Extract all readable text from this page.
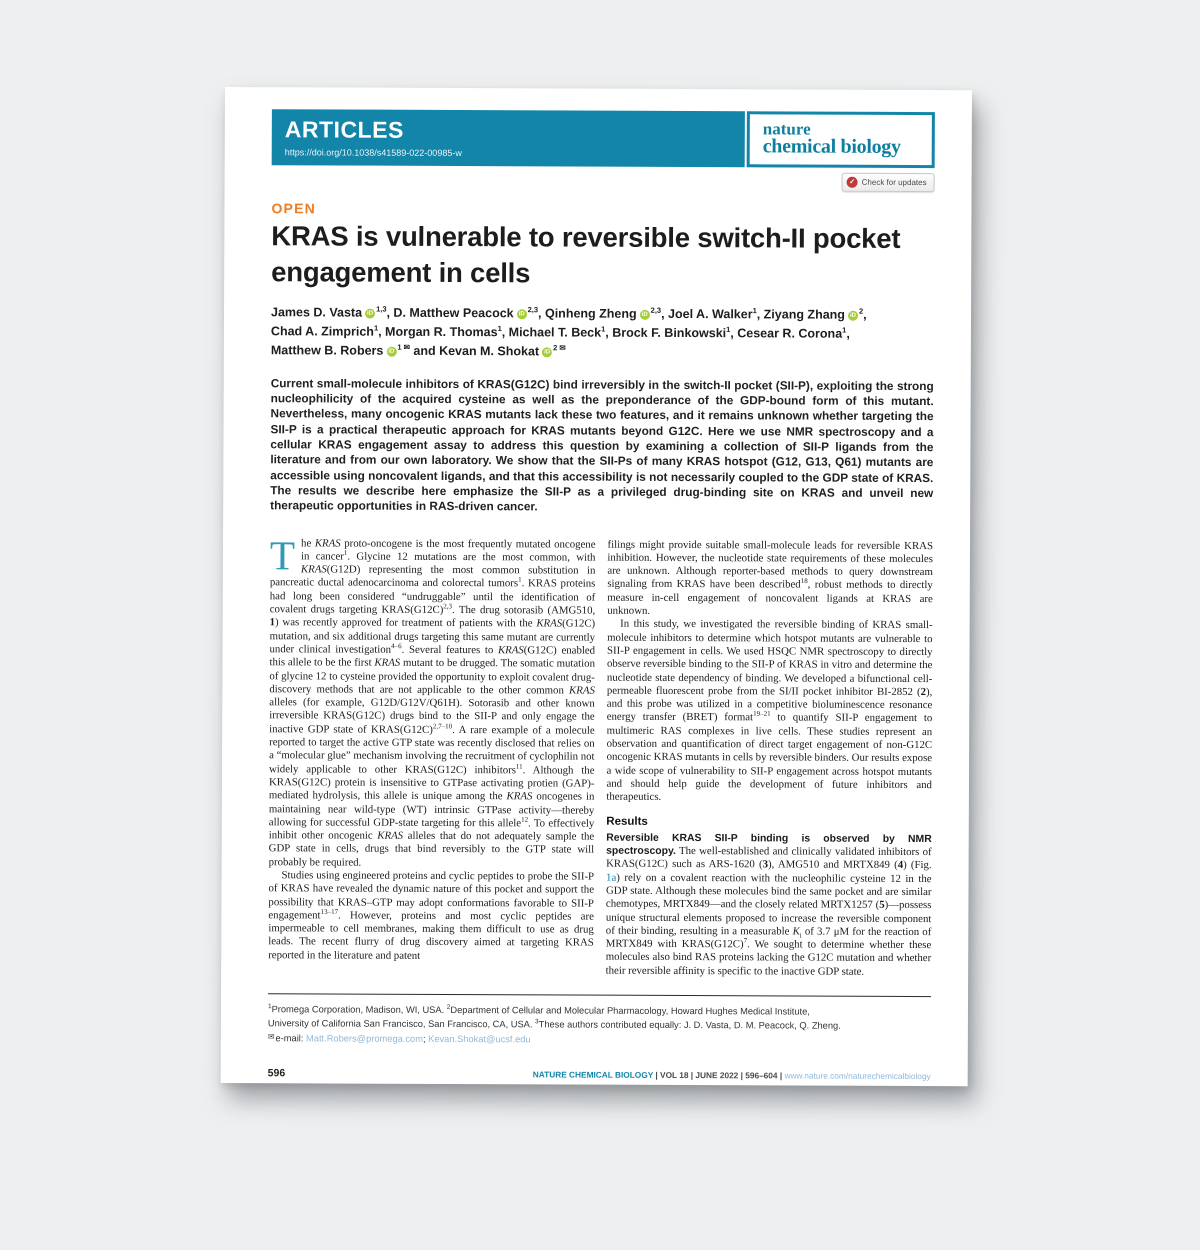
ARTICLES
https://doi.org/10.1038/s41589-022-00985-w
nature
chemical biology
✓ Check for updates
OPEN
KRAS is vulnerable to reversible switch-II pocket engagement in cells
James D. Vasta iD$^{1,3}$, D. Matthew Peacock iD$^{2,3}$, Qinheng Zheng iD$^{2,3}$, Joel A. Walker$^1$, Ziyang Zhang $iD^2$,
Chad A. Zimprich$^1$, Morgan R. Thomas$^1$, Michael T. Beck$^1$, Brock F. Binkowski$^1$, Cesear R. Corona$^1$,
Matthew B. Robers $iD^{1 ✉}$ and Kevan M. Shokat $iD^{2 ✉}$

Current small-molecule inhibitors of KRAS(G12C) bind irreversibly in the switch-II pocket (SII-P), exploiting the strong nucleophilicity of the acquired cysteine as well as the preponderance of the GDP-bound form of this mutant. Nevertheless, many oncogenic KRAS mutants lack these two features, and it remains unknown whether targeting the SII-P is a practical therapeutic approach for KRAS mutants beyond G12C. Here we use NMR spectroscopy and a cellular KRAS engagement assay to address this question by examining a collection of SII-P ligands from the literature and from our own laboratory. We show that the SII-Ps of many KRAS hotspot (G12, G13, Q61) mutants are accessible using noncovalent ligands, and that this accessibility is not necessarily coupled to the GDP state of KRAS. The results we describe here emphasize the SII-P as a privileged drug-binding site on KRAS and unveil new therapeutic opportunities in RAS-driven cancer.

The KRAS proto-oncogene is the most frequently mutated oncogene in cancer$^1$. Glycine 12 mutations are the most common, with KRAS(G12D) representing the most common substitution in pancreatic ductal adenocarcinoma and colorectal tumors$^1$. KRAS proteins had long been considered “undruggable” until the identification of covalent drugs targeting $KRAS(G12C)^{2,3}$. The drug sotorasib (AMG510, 1) was recently approved for treatment of patients with the KRAS(G12C) mutation, and six additional drugs targeting this same mutant are currently under clinical investigation$^{4-6}$. Several features to KRAS(G12C) enabled this allele to be the first KRAS mutant to be drugged. The somatic mutation of glycine 12 to cysteine provided the opportunity to exploit covalent drug-discovery methods that are not applicable to the other common KRAS alleles (for example, G12D/G12V/Q61H). Sotorasib and other known irreversible KRAS(G12C) drugs bind to the SII-P and only engage the inactive GDP state of $KRAS(G12C)^{2,7-10}$. A rare example of a molecule reported to target the active GTP state was recently disclosed that relies on a “molecular glue” mechanism involving the recruitment of cyclophilin not widely applicable to other KRAS(G12C) inhibitors$^{11}$. Although the KRAS(G12C) protein is insensitive to GTPase activating protien (GAP)-mediated hydrolysis, this allele is unique among the KRAS oncogenes in maintaining near wild-type (WT) intrinsic GTPase activity—thereby allowing for successful GDP-state targeting for this allele$^{12}$. To effectively inhibit other oncogenic KRAS alleles that do not adequately sample the GDP state in cells, drugs that bind reversibly to the GTP state will probably be required.

Studies using engineered proteins and cyclic peptides to probe the SII-P of KRAS have revealed the dynamic nature of this pocket and support the possibility that KRAS–GTP may adopt conformations favorable to SII-P engagement$^{13-17}$. However, proteins and most cyclic peptides are impermeable to cell membranes, making them difficult to use as drug leads. The recent flurry of drug discovery aimed at targeting KRAS reported in the literature and patent

filings might provide suitable small-molecule leads for reversible KRAS inhibition. However, the nucleotide state requirements of these molecules are unknown. Although reporter-based methods to query downstream signaling from KRAS have been described$^{18}$, robust methods to directly measure in-cell engagement of noncovalent ligands at KRAS are unknown.

In this study, we investigated the reversible binding of KRAS small-molecule inhibitors to determine which hotspot mutants are vulnerable to SII-P engagement in cells. We used HSQC NMR spectroscopy to directly observe reversible binding to the SII-P of KRAS in vitro and determine the nucleotide state dependency of binding. We developed a bifunctional cell-permeable fluorescent probe from the SI/II pocket inhibitor BI-2852 (2), and this probe was utilized in a competitive bioluminescence resonance energy transfer (BRET) format$^{19-21}$ to quantify SII-P engagement to multimeric RAS complexes in live cells. These studies represent an observation and quantification of direct target engagement of non-G12C oncogenic KRAS mutants in cells by reversible binders. Our results expose a wide scope of vulnerability to SII-P engagement across hotspot mutants and should help guide the development of future inhibitors and therapeutics.

Results

Reversible KRAS SII-P binding is observed by NMR spectroscopy. The well-established and clinically validated inhibitors of KRAS(G12C) such as ARS-1620 (3), AMG510 and MRTX849 (4) (Fig. 1a) rely on a covalent reaction with the nucleophilic cysteine 12 in the GDP state. Although these molecules bind the same pocket and are similar chemotypes, MRTX849—and the closely related MRTX1257 (5)—possess unique structural elements proposed to increase the reversible component of their binding, resulting in a measurable $K_i$ of 3.7 μM for the reaction of MRTX849 with $KRAS(G12C)^7$. We sought to determine whether these molecules also bind RAS proteins lacking the G12C mutation and whether their reversible affinity is specific to the inactive GDP state.

$^1$Promega Corporation, Madison, WI, USA. $^2$Department of Cellular and Molecular Pharmacology, Howard Hughes Medical Institute, University of California San Francisco, San Francisco, CA, USA. $^3$These authors contributed equally: J. D. Vasta, D. M. Peacock, Q. Zheng.

✉e-mail: Matt.Robers@promega.com; Kevan.Shokat@ucsf.edu

596	NATURE CHEMICAL BIOLOGY | VOL 18 | JUNE 2022 | 596–604 | www.nature.com/naturechemicalbiology
